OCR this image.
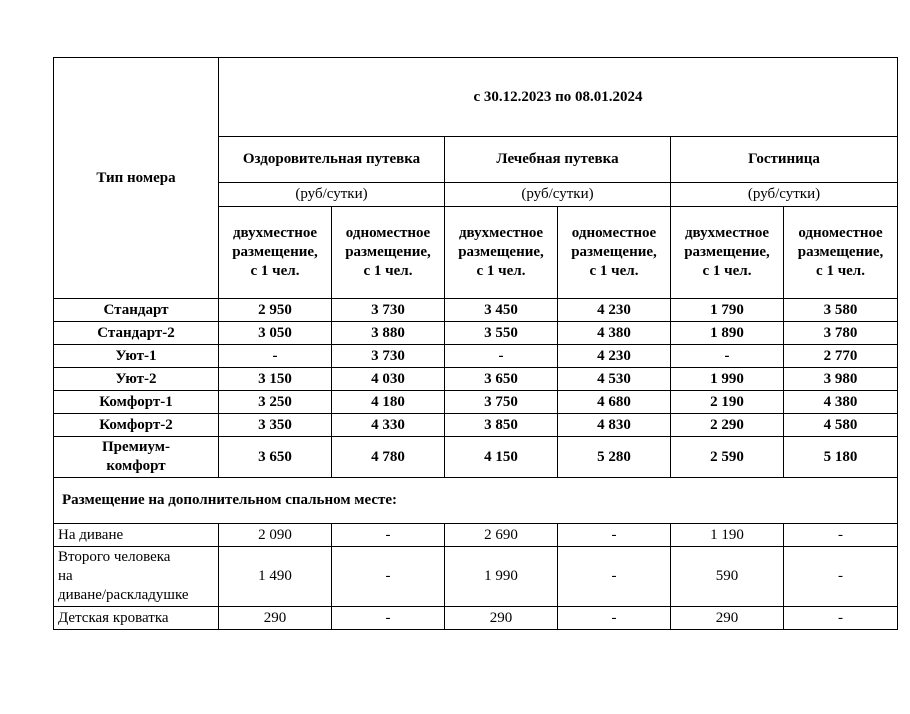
Тип номера	с 30.12.2023 по 08.01.2024					
	Оздоровительная путевка		Лечебная путевка		Гостиница	
	(руб/сутки)		(руб/сутки)		(руб/сутки)	
	двухместное
размещение,
с 1 чел.	одноместное
размещение,
с 1 чел.	двухместное
размещение,
с 1 чел.	одноместное
размещение,
с 1 чел.	двухместное
размещение,
с 1 чел.	одноместное
размещение,
с 1 чел.
Стандарт	2 950	3 730	3 450	4 230	1 790	3 580
Стандарт-2	3 050	3 880	3 550	4 380	1 890	3 780
Уют-1	-	3 730	-	4 230	-	2 770
Уют-2	3 150	4 030	3 650	4 530	1 990	3 980
Комфорт-1	3 250	4 180	3 750	4 680	2 190	4 380
Комфорт-2	3 350	4 330	3 850	4 830	2 290	4 580
Премиум-
комфорт	3 650	4 780	4 150	5 280	2 590	5 180
Размещение на дополнительном спальном месте:						
На диване	2 090	-	2 690	-	1 190	-
Второго человека
на
диване/раскладушке	1 490	-	1 990	-	590	-
Детская кроватка	290	-	290	-	290	-
